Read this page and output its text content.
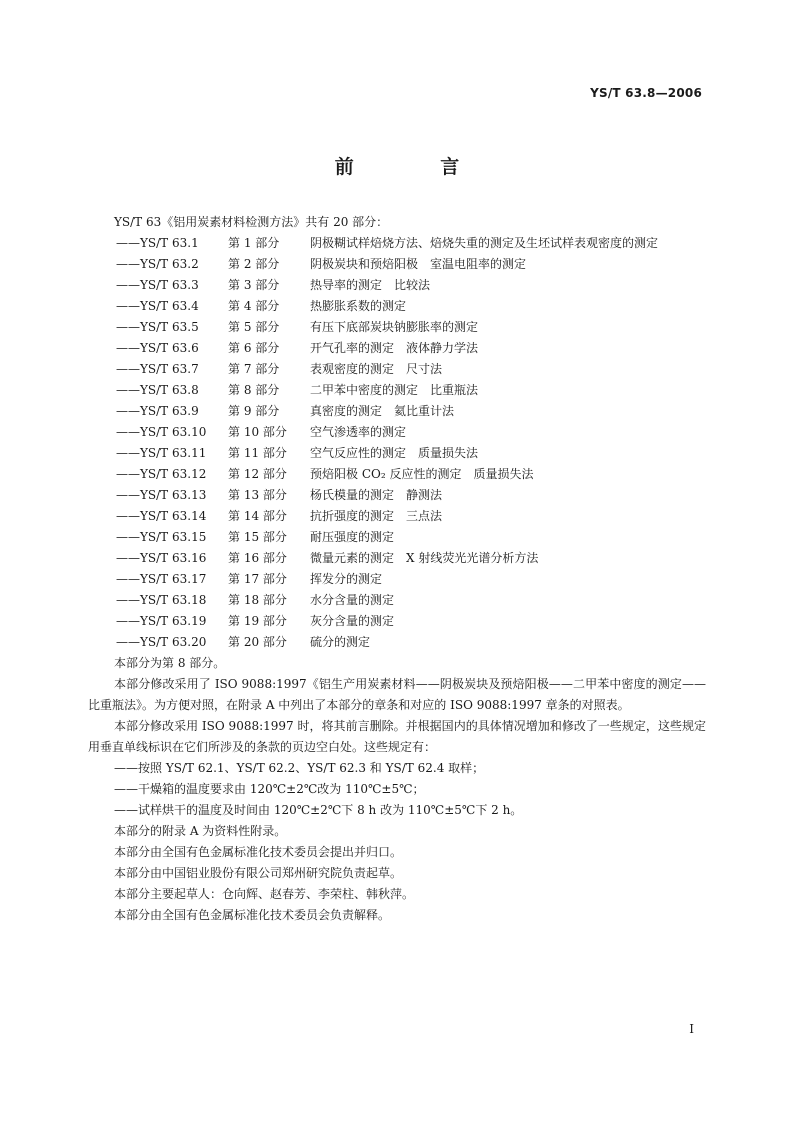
YS/T 63.8—2006
前 言

YS/T 63《铝用炭素材料检测方法》共有 20 部分：

——YS/T 63.1	第 1 部分	阴极糊试样焙烧方法、焙烧失重的测定及生坯试样表观密度的测定
——YS/T 63.2	第 2 部分	阴极炭块和预焙阳极　室温电阻率的测定
——YS/T 63.3	第 3 部分	热导率的测定　比较法
——YS/T 63.4	第 4 部分	热膨胀系数的测定
——YS/T 63.5	第 5 部分	有压下底部炭块钠膨胀率的测定
——YS/T 63.6	第 6 部分	开气孔率的测定　液体静力学法
——YS/T 63.7	第 7 部分	表观密度的测定　尺寸法
——YS/T 63.8	第 8 部分	二甲苯中密度的测定　比重瓶法
——YS/T 63.9	第 9 部分	真密度的测定　氦比重计法
——YS/T 63.10	第 10 部分	空气渗透率的测定
——YS/T 63.11	第 11 部分	空气反应性的测定　质量损失法
——YS/T 63.12	第 12 部分	预焙阳极 CO₂ 反应性的测定　质量损失法
——YS/T 63.13	第 13 部分	杨氏模量的测定　静测法
——YS/T 63.14	第 14 部分	抗折强度的测定　三点法
——YS/T 63.15	第 15 部分	耐压强度的测定
——YS/T 63.16	第 16 部分	微量元素的测定　X 射线荧光光谱分析方法
——YS/T 63.17	第 17 部分	挥发分的测定
——YS/T 63.18	第 18 部分	水分含量的测定
——YS/T 63.19	第 19 部分	灰分含量的测定
——YS/T 63.20	第 20 部分	硫分的测定

本部分为第 8 部分。

本部分修改采用了 ISO 9088:1997《铝生产用炭素材料——阴极炭块及预焙阳极——二甲苯中密度的测定——比重瓶法》。为方便对照，在附录 A 中列出了本部分的章条和对应的 ISO 9088:1997 章条的对照表。

本部分修改采用 ISO 9088:1997 时，将其前言删除。并根据国内的具体情况增加和修改了一些规定，这些规定用垂直单线标识在它们所涉及的条款的页边空白处。这些规定有：

——按照 YS/T 62.1、YS/T 62.2、YS/T 62.3 和 YS/T 62.4 取样；

——干燥箱的温度要求由 120℃±2℃改为 110℃±5℃；

——试样烘干的温度及时间由 120℃±2℃下 8 h 改为 110℃±5℃下 2 h。

本部分的附录 A 为资料性附录。

本部分由全国有色金属标准化技术委员会提出并归口。

本部分由中国铝业股份有限公司郑州研究院负责起草。

本部分主要起草人：仓向辉、赵春芳、李荣柱、韩秋萍。

本部分由全国有色金属标准化技术委员会负责解释。

I
